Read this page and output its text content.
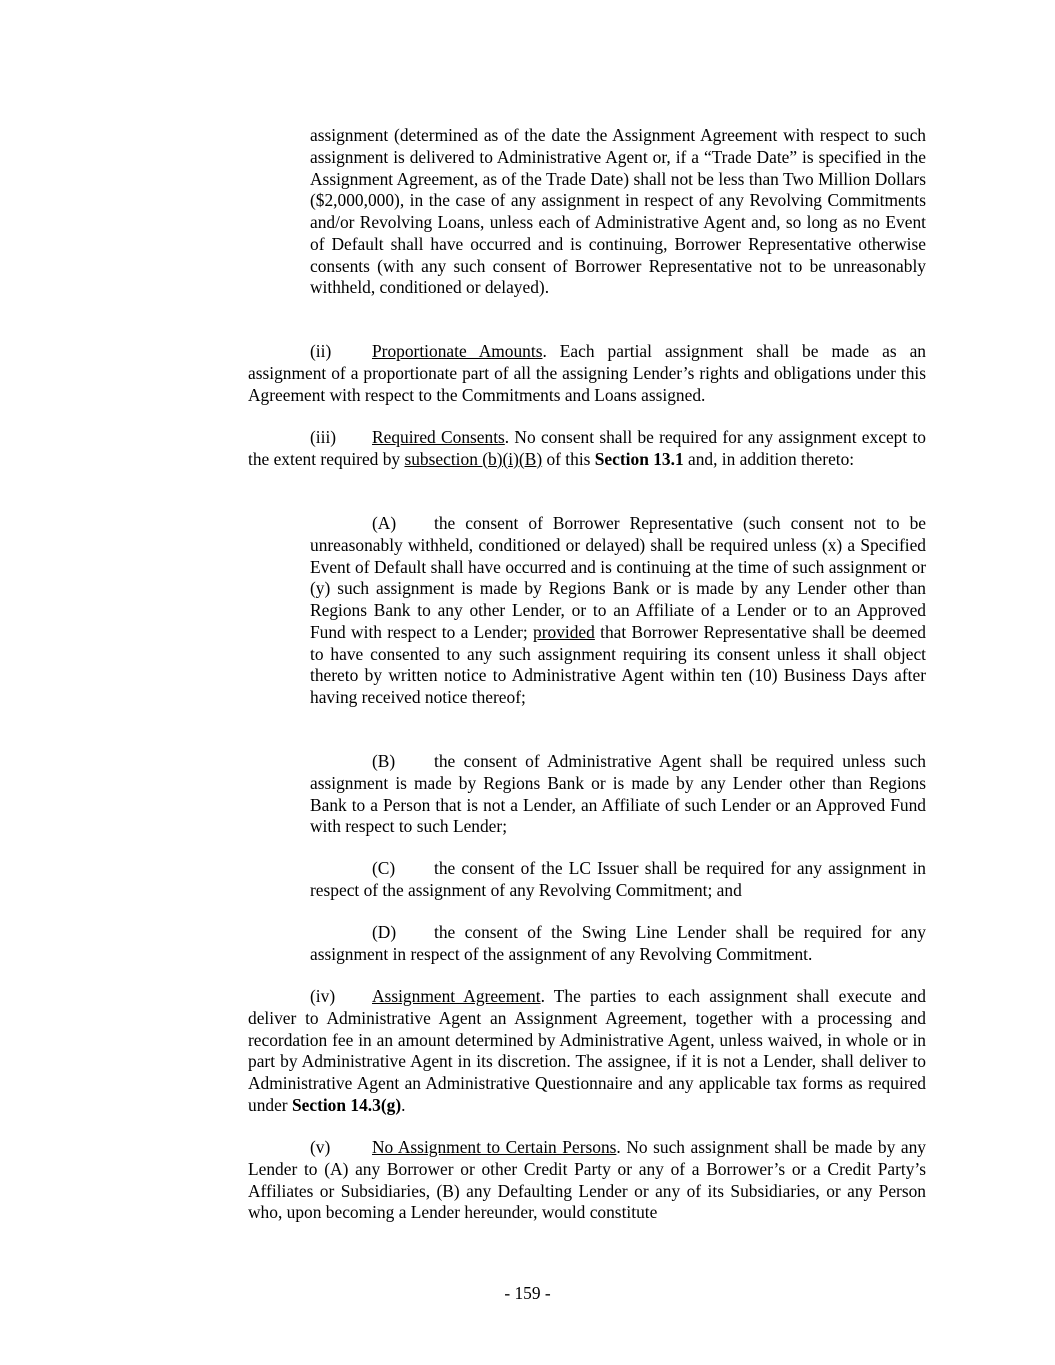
assignment (determined as of the date the Assignment Agreement with respect to such assignment is delivered to Administrative Agent or, if a “Trade Date” is specified in the Assignment Agreement, as of the Trade Date) shall not be less than Two Million Dollars ($2,000,000), in the case of any assignment in respect of any Revolving Commitments and/or Revolving Loans, unless each of Administrative Agent and, so long as no Event of Default shall have occurred and is continuing, Borrower Representative otherwise consents (with any such consent of Borrower Representative not to be unreasonably withheld, conditioned or delayed).

(ii) Proportionate Amounts. Each partial assignment shall be made as an assignment of a proportionate part of all the assigning Lender’s rights and obligations under this Agreement with respect to the Commitments and Loans assigned.

(iii) Required Consents. No consent shall be required for any assignment except to the extent required by subsection (b)(i)(B) of this Section 13.1 and, in addition thereto:

(A) the consent of Borrower Representative (such consent not to be unreasonably withheld, conditioned or delayed) shall be required unless (x) a Specified Event of Default shall have occurred and is continuing at the time of such assignment or (y) such assignment is made by Regions Bank or is made by any Lender other than Regions Bank to any other Lender, or to an Affiliate of a Lender or to an Approved Fund with respect to a Lender; provided that Borrower Representative shall be deemed to have consented to any such assignment requiring its consent unless it shall object thereto by written notice to Administrative Agent within ten (10) Business Days after having received notice thereof;

(B) the consent of Administrative Agent shall be required unless such assignment is made by Regions Bank or is made by any Lender other than Regions Bank to a Person that is not a Lender, an Affiliate of such Lender or an Approved Fund with respect to such Lender;

(C) the consent of the LC Issuer shall be required for any assignment in respect of the assignment of any Revolving Commitment; and

(D) the consent of the Swing Line Lender shall be required for any assignment in respect of the assignment of any Revolving Commitment.

(iv) Assignment Agreement. The parties to each assignment shall execute and deliver to Administrative Agent an Assignment Agreement, together with a processing and recordation fee in an amount determined by Administrative Agent, unless waived, in whole or in part by Administrative Agent in its discretion. The assignee, if it is not a Lender, shall deliver to Administrative Agent an Administrative Questionnaire and any applicable tax forms as required under Section 14.3(g).

(v) No Assignment to Certain Persons. No such assignment shall be made by any Lender to (A) any Borrower or other Credit Party or any of a Borrower’s or a Credit Party’s Affiliates or Subsidiaries, (B) any Defaulting Lender or any of its Subsidiaries, or any Person who, upon becoming a Lender hereunder, would constitute

- 159 -
